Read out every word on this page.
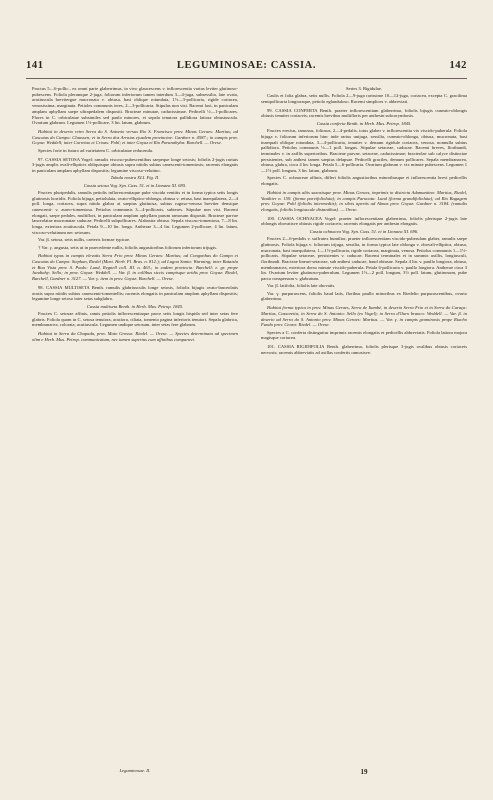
141	LEGUMINOSAE: CASSIA.	142

Fructus 5—6-pollic., ex omni parte glaberrimus, in vivo glaucescens v. inflorescentia varius leviter glutinoso-pubescens. Foliola plerumque 2-juga, foliorum inferiorum tamen interdum 3—4-juga, subsessilia, late ovata, acutiuscula brevitergue mucronata v. obtusa, basi oblique rotundata, 1½—3-pollicaria, rigide coriacea, venosissima, marginata. Petioles communis teres, 2—3-pollicaria. Stipulas non visi. Racemi laxi, in paniculam amplam aphyllam saepe ultrapedalem dispositi. Bracteae minutae, caducissimae. Pedicelli ½—1-pollicares. Flores in C. orbiculatae subsimiles sed paulo minores, et sepala tenuiora pallidiora latiora obtusiuscula. Ovarium glabrum. Legumen 1½-pollicare, 3 lin. latum, glabrum.

Habitat in deserto retro Serra do S. Antonio versus Rio S. Francisco prov. Minas Geraes: Martius; ad Cascatas do Campo: Claussen; et in Serra dos Arraias ejusdem provinciae: Gardner n. 4587.; in campis prov. Goyaz: Weddell; inter Carretao et Crixas: Pohl; et inter Goyaz et Rio Paranahyba: Burchell. — Orese.

Species forte in futuro ad varietatem C. orbiculatae reducenda.

97. CASSIA SETOSA Vogel: ramulis viscoso-pubescentibus saepeque longe setosis; foliolis 2-jugis rariuis 3-jugis amplis ovali-ellipticis obliquisque obtusis supra nitidis subtus canescenti-tomentosis; racemis elongatis in paniculam amplam aphyllam dispositis; legumine viscoso-velutino.

Tabula nostra XLI. Fig. II.

Cassia setosa Vog. Syn. Cass. 51. et in Linnaea XI. 695.

Fructex pluripedalis, ramulis petiolis inflorescentiaque pube viscida ventitis et in forma typica setis longis glutinosis horridis. Foliola bijuga, petiolulata, ovato-elliptico-oblonga, obtusa v. retusa, basi inaequilatera, 2—4 poll. longa, coriacea, supra nitida glabra at saepius glutinosa, subtus rugoso-venosa breviter densique canescenti- v. aureo-tomentosa. Petiolus communis 3—4-pollicaris, subteres. Stipulae non visi. Racemi elongati, saepe pedales, multiflori, in paniculam amplam aphyllam parum ramosam dispositi. Bracteae parvae lanceolatae mucronatae caducae. Pedicelli subpollicares. Alabastra obtusa. Sepala viscoso-tomentosa, 7—8 lin. longa, exteriora acutiuscula. Petala 9—10 lin. longa. Antherae 3—4 lin. Legumen 2-pollicare, 4 lin. latum, viscoso-velutinum nec setosum.

Var. β. setosa, setis nullis, caeteris formae typicae.

† Var. γ. angusta, setis ut in praecedente nullis, foliolis angustioribus foliorum inferiorum trijugis.

Habitat typus in campis elevatis Serra Frio prov. Minas Geraes: Martius; ad Congonhas do Campo et Cascatas do Campo: Stephan, Riedel (Mart. Herb. Fl. Bras. n. 812.); ad Lagoa Santa: Warming; inter Bataisla et Boa Vista prov. S. Paulo: Lund, Regnell coll. III. n. 463.; in eadem provincia: Burchell: ε. gr. prope Jundiahy: Sello; in prov. Goyaz: Weddell. — Var. β. in collibus siccis campisque aridis prov. Goyaz: Riedel, Burchell, Gardner n. 3127. — Var. γ. item in prov. Goyaz: Burchell. — Orese.

98. CASSIA MULTISETA Benth. ramulis glabriusculis longe setosis, foliolis bijugis ovato-lanceolatis acutis supra nitidis subtus canescenti-tomentellis; racemis elongatis in paniculam amplam aphyllam dispositis; legumine longe setoso inter setas subglabro.

Cassia multiseta Benth. in Herb. Mus. Petrop. 1845.

Fructex C. setosae affinis, ramis petiolis inflorescentiaque parce setis longis hispida sed inter setas fere glabris. Foliola quam in C. setosa tenuiora, acutiora, ciliata, tomento pagina inferioris tenuiori. Sepala glabrica, membranacea, colorata, acutiuscula. Legumen undique setosum, inter setas fere glabrum.

Habitat in Serra da Chapada, prov. Mato Grosso: Riedel. — Orese. — Species determinata ad specimen olim e Herb. Mus. Petrop. communicatum, nec tamen superius cum affinibus comparavi.

Series 3. Rigidulae.

Caulis et folia glabra, setis nullis. Foliola 2—9-juga rarissime 10—12-juga, coriacea, excepta C. gracilima semipollicaria longioraque, petiolo eglanduloso. Racemi simplices v. abbreviati.

99. CASSIA CONFERTA Benth. praeter inflorescentiam glaberrima, foliolis bijugis cuneato-oblongis obtusis tenuiter coriaceis; racemis brevibus multifloris per anthesin subcorymbosis.

Cassia conferta Benth. in Herb. Mus. Petrop. 1845.

Fructex erectus, ramosus, foliosus, 2—4-pedalis, totus glaber v. inflorescentia vix viscido-puberula. Foliola bijuga v. foliorum inferiorum hinc inde rarius unijuga, sessilia, cuneato-oblonga, obtusa, mucronata, basi inaequali oblique rotundata, 3—4-pollicaria, tenuiter v. demum rigidule coriacea, venosa, nonnulla subtus pallidiora. Petiolus communis ½—1 poll. longus. Stipulae setaceae, caducae. Racemi breves, floribundi, terminales v. in axillis superioribus. Bracteae parvae, setaceae, caducissimae; bracteolae sub calyce distinctae persistentes, sub anthesi tamen saepius delapsae. Pedicelli graciles, demum pollicares. Sepala membranacea, obtusa, glabra, circa 4 lin. longa. Petala 5—6-pollicaria. Ovarium glabrum v. vix minute pubescens. Legumen 1—1½ poll. longum, 3 lin. latum, glabrum.

Species C. ochnaceae affinis, differt foliolis angustioribus minoribusque et inflorescentia brevi pedicellis elongatis.

Habitat in campis altis saxosisque prov. Minas Geraes, imprimis in districtu Adamantino: Martius, Riedel, Vauthier n. 159. (forma parvifoliolata); in campis Paracatu: Lund (forma grandifoliolata); ad Rio Bagagem prov. Goyaz: Pohl (foliolis intermediis); in silvis apertis ad Almas prov. Goyaz: Gardner n. 3184. (ramulis elongatis, foliolis longiuscule distantibus). — Orese.

100. CASSIA OCHNACEA Vogel: praeter inflorescentiam glaberrima, foliolis plerisque 2-jugis late oblongis obovatisve obtusis rigide coriaceis; racemis elongatis per anthesin elongatis.

Cassia ochnacea Vog. Syn. Cass. 51. et in Linnaea XI. 696.

Fructex 2—6-pedalis v. suffrutex humilior, praeter inflorescentiam viscido-puberulam glaber, ramulis saepe glutinosis. Foliola bijuga v. foliorum trijuga, sessilia, in forma typica late oblonga v. obovali-elliptica, obtusa, mucronata, basi inaequilatera, 1—1½-pollicaria, rigide coriacea, marginata, venosa. Petiolus communis 1—1½-pollicaris. Stipulae setaceae, persistentes v. caducae. Racemi terminales et in summis axillis, longiusculi, floribundi. Bracteae lineari-setaceae, sub anthesi caducae, haud obtusae. Sepala 4 lin. v. paullo longiora, obtusa, membranacea, exteriora dorso minute viscido-puberula. Petala 6-pollicaria v. paullo longiora. Antherae circa 3 lin. Ovarium leviter glutinoso-puberulum. Legumen 1½—2 poll. longum, 3½ poll. latum, glutinosum, pube parca conspersum v. glabratum.

Var. β. latifolia, foliolis late obovatis.

Var. γ. purpurascens, foliolis haud latis, floribus paullo minoribus ex Riedelio purpurascentibus, ovario glaberrimo.

Habitat forma typica in prov. Minas Geraes, Serra de Itambé, in deserto Serra Frio et in Serra do Caraça: Martius, Cassoretta; in Serra do S. Antonio: Sello (ex Vogel); in Serra d'Ouro branco: Weddell. — Var. β. in deserto ad Serra do S. Antonio prov. Minas Geraes: Martius. — Var. γ. in campis graminosis prope Riacho Fundo prov. Ceara: Riedel. — Orese.

Species a C. conferta distinguitur imprimis racemis elongatis et pedicellis abbreviatis. Foliola latiora majora magisque coriacea.

101. CASSIA RIGIDIFOLIA Benth. glaberrima, foliolis plerisque 3-jugis ovalibus obtusis coriaceis nervosis; racemis abbreviatis ad axillas confertis ramosisve.

Leguminosae. II.	19
